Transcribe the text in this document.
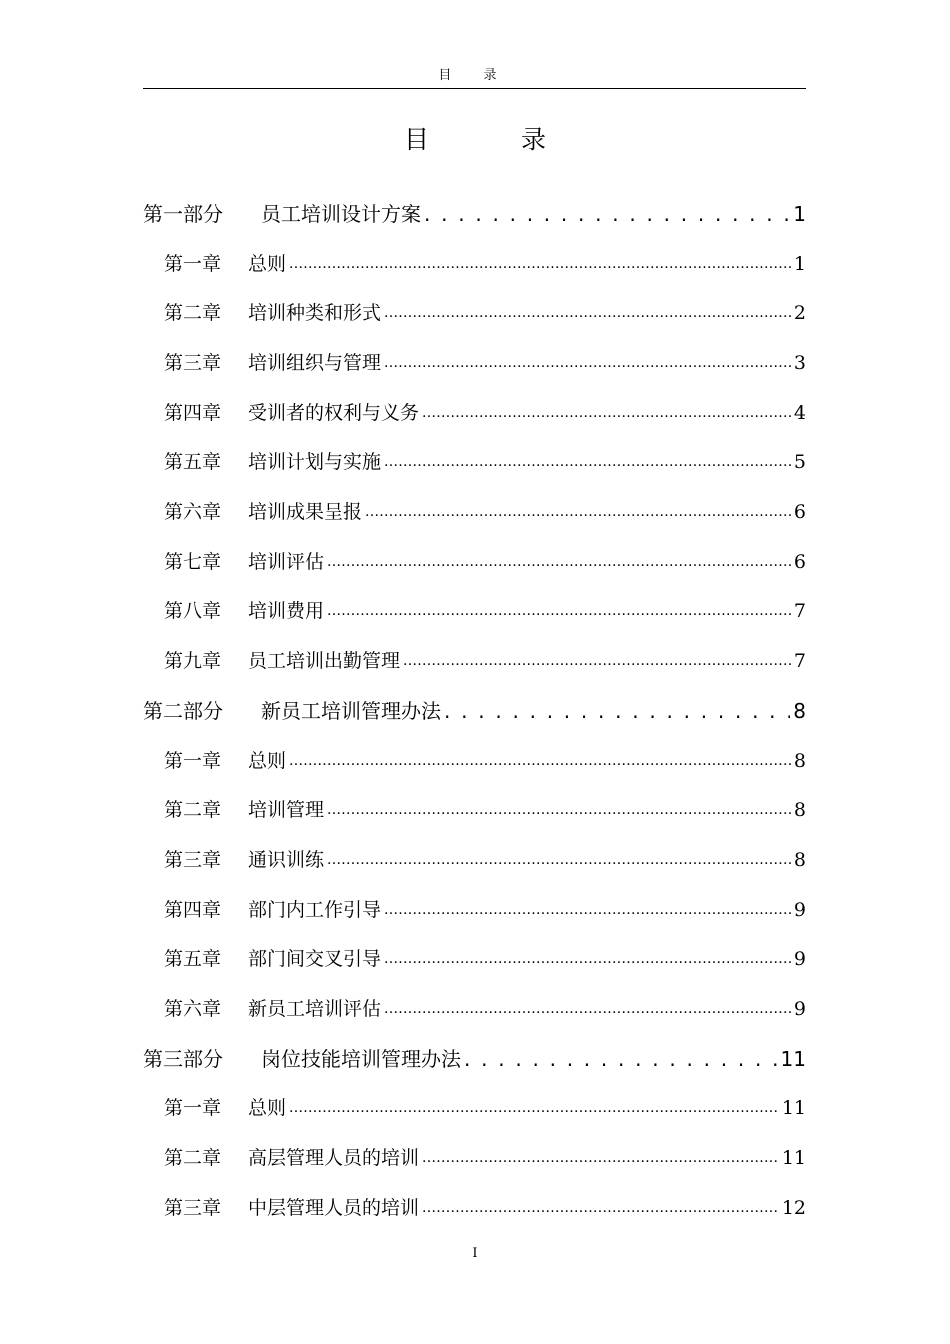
目 录
目 录
第一部分	员工培训设计方案 . . .	1
第一章	总则 .....	1
第二章	培训种类和形式 .....	2
第三章	培训组织与管理 .....	3
第四章	受训者的权利与义务 .....	4
第五章	培训计划与实施 .....	5
第六章	培训成果呈报 .....	6
第七章	培训评估 .....	6
第八章	培训费用 .....	7
第九章	员工培训出勤管理 .....	7
第二部分	新员工培训管理办法 . . .	8
第一章	总则 .....	8
第二章	培训管理 .....	8
第三章	通识训练 .....	8
第四章	部门内工作引导 .....	9
第五章	部门间交叉引导 .....	9
第六章	新员工培训评估 .....	9
第三部分	岗位技能培训管理办法 . . .	11
第一章	总则 .....	11
第二章	高层管理人员的培训 .....	11
第三章	中层管理人员的培训 .....	12
I
